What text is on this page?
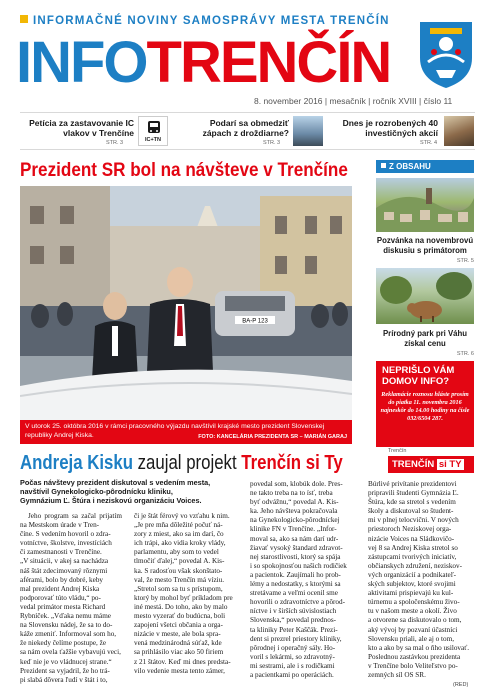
INFORMAČNÉ NOVINY SAMOSPRÁVY MESTA TRENČÍN
INFOTRENČÍN
8. november 2016 | mesačník | ročník XVIII | číslo 11
Petícia za zastavovanie IC vlakov v Trenčíne
STR. 3	IC+TN
Podarí sa obmedziť zápach z droždiarne?
STR. 3
Dnes je rozrobených 40 investičných akcií
STR. 4
Prezident SR bol na návšteve v Trenčíne
BA-P 123
V utorok 25. októbra 2016 v rámci pracovného výjazdu navštívil krajské mesto prezident Slovenskej republiky Andrej Kiska.	FOTO: KANCELÁRIA PREZIDENTA SR – MARIÁN GARAJ
Z OBSAHU
Pozvánka na novembrovú diskusiu s primátorom
STR. 5
Prírodný park pri Váhu získal cenu
STR. 6
NEPRIŠLO VÁM DOMOV INFO?
Reklamácie roznosu hláste prosím do piatka 11. novembra 2016 najneskôr do 14.00 hodiny na čísle 032/6504 287.
Andreja Kisku zaujal projekt Trenčín si Ty
Trenčín
TRENČÍN si TY
Počas návštevy prezident diskutoval s vedením mesta, navštívil Gynekologicko-pôrodnícku kliniku, Gymnázium Ľ. Štúra i neziskovú organizáciu Voices.
Jeho program sa začal prijatím na Mestskom úrade v Tren-
číne. S vedením hovoril o zdra-
votníctve, školstve, investíciách
či zamestnanosti v Trenčíne.
„V situácii, v akej sa nachádza
náš štát zdecimovaný rôznymi
aférami, bolo by dobré, keby
mal prezident Andrej Kiska
podporovať túto vládu,“ po-
vedal primátor mesta Richard
Rybníček. „Vďaka nemu máme
na Slovensku nádej, že sa to do-
káže zmeniť. Informoval som ho,
že niekedy čelíme postupe, že
sa nám ovela ťažšie vybavujú veci,
keď nie je vo vládnucej strane.“
Prezident sa vyjadril, že ho trá-
pi slabá dôvera ľudí v štát i to,
či je štát férový vo vzťahu k nim.
„Je pre mňa dôležité počuť ná-
zory z miest, ako sa im darí, čo
ich trápi, ako vidia kroky vlády,
parlamentu, aby som to vedel
tlmočiť ďalej,“ povedal A. Kis-
ka. S radosťou však skonštato-
val, že mesto Trenčín má víziu.
„Stretol som sa tu s prístupom,
ktorý by mohol byť príkladom pre
iné mestá. Do toho, ako by malo
mesto vyzerať do budúcna, boli
zapojení všetci občania a orga-
nizácie v meste, ale bola spra-
vená medzinárodná súťaž, kde
sa prihlásilo viac ako 50 firiem
z 21 štátov. Keď mi dnes predsta-
vilo vedenie mesta tento zámer,
povedal som, klobúk dole. Pres-
ne takto treba na to ísť, treba
byť odvážnu,“ povedal A. Kis-
ka. Jeho návšteva pokračovala
na Gynekologicko-pôrodníckej
klinike FN v Trenčíne. „Infor-
moval sa, ako sa nám darí udr-
žiavať vysoký štandard zdravot-
nej starostlivosti, ktorý sa spája
i so spokojnosťou našich rodičiek
a pacientok. Zaujímali ho prob-
lémy a nedostatky, s ktorými sa
stretávame a veľmi ocenil sme
hovorili o zdravotníctve a pôrod-
níctve i v širších súvislostiach
Slovenska,“ povedal prednos-
ta kliniky Peter Kaščák. Prezi-
dent si prezrel priestory kliniky,
pôrodnej i operačný sály. Ho-
voril s lekármi, so zdravotný-
mi sestrami, ale i s rodičkami
a pacientkami po operáciách.
Búrlivé privítanie prezidentovi
pripravili študenti Gymnázia Ľ.
Štúra, kde sa stretol s vedením
školy a diskutoval so študent-
mi v plnej telocvični. V nových
priestoroch Neziskovej orga-
nizácie Voices na Sládkovičo-
vej 8 sa Andrej Kiska stretol so
zástupcami tvorivých iniciatív,
občianskych združení, neziskov-
vých organizácií a podnikateľ-
ských subjektov, ktoré svojimi
aktivitami prispievajú ku kul-
túrnemu a spoločenskému živo-
tu v našom meste a okolí. Živo
a otvorene sa diskutovalo o tom,
aký vývoj by pozvaní účastníci
Slovensku priali, ale aj o tom,
kto a ako by sa mal o ňho usilovať.
Poslednou zastávkou prezidenta
v Trenčíne bolo Veliteľstvo po-
zemných síl OS SR.
(RED)
